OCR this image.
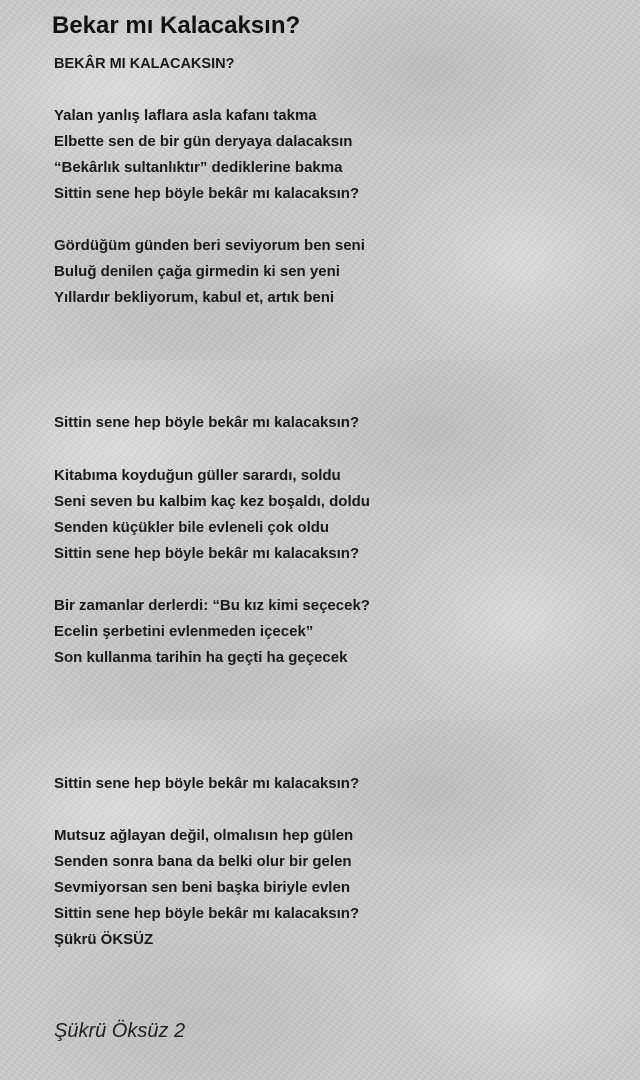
Bekar mı Kalacaksın?
BEKÂR MI KALACAKSIN?
Yalan yanlış laflara asla kafanı takma
Elbette sen de bir gün deryaya dalacaksın
“Bekârlık sultanlıktır” dediklerine bakma
Sittin sene hep böyle bekâr mı kalacaksın?
Gördüğüm günden beri seviyorum ben seni
Buluğ denilen çağa girmedin ki sen yeni
Yıllardır bekliyorum, kabul et, artık beni
Sittin sene hep böyle bekâr mı kalacaksın?
Kitabıma koyduğun güller sarardı, soldu
Seni seven bu kalbim kaç kez boşaldı, doldu
Senden küçükler bile evleneli çok oldu
Sittin sene hep böyle bekâr mı kalacaksın?
Bir zamanlar derlerdi: “Bu kız kimi seçecek?
Ecelin şerbetini evlenmeden içecek”
Son kullanma tarihin ha geçti ha geçecek
Sittin sene hep böyle bekâr mı kalacaksın?
Mutsuz ağlayan değil, olmalısın hep gülen
Senden sonra bana da belki olur bir gelen
Sevmiyorsan sen beni başka biriyle evlen
Sittin sene hep böyle bekâr mı kalacaksın?
Şükrü ÖKSÜZ
Şükrü Öksüz 2
